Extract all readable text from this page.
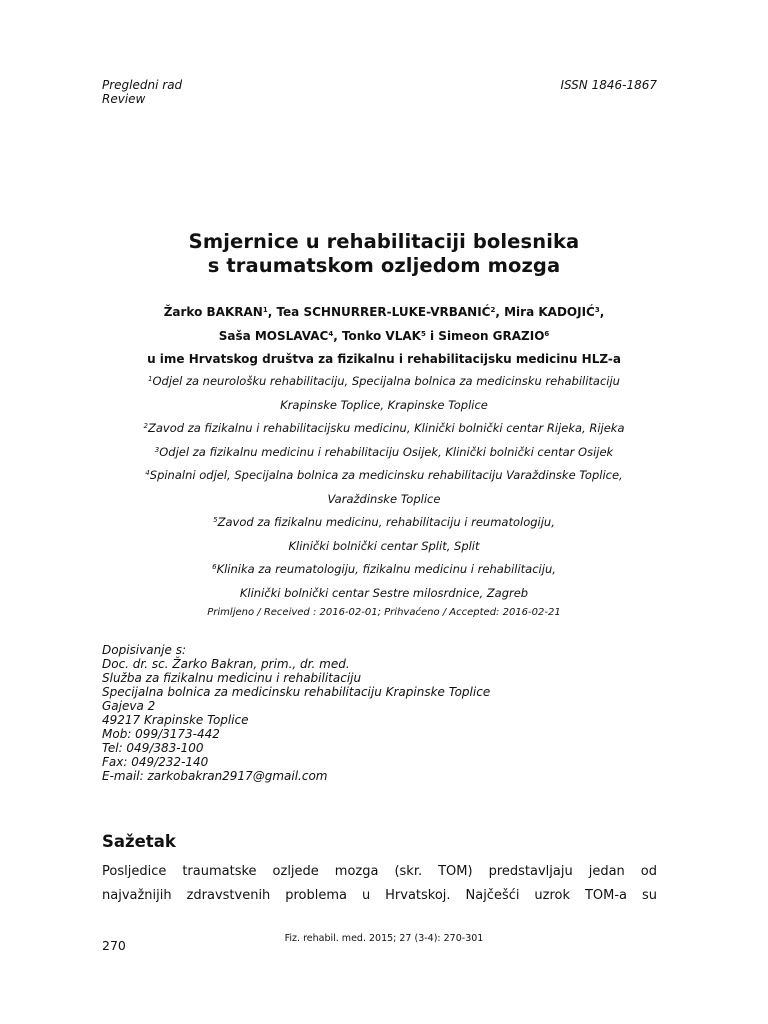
Pregledni rad
Review
ISSN 1846-1867
Smjernice u rehabilitaciji bolesnika
s traumatskom ozljedom mozga
Žarko BAKRAN$^1$, Tea SCHNURRER-LUKE-VRBANIĆ$^2$, Mira KADOJIĆ$^3$,
Saša MOSLAVAC$^4$, Tonko VLAK$^5$ i Simeon GRAZIO$^6$
u ime Hrvatskog društva za fizikalnu i rehabilitacijsku medicinu HLZ-a
$^1$Odjel za neurološku rehabilitaciju, Specijalna bolnica za medicinsku rehabilitaciju
Krapinske Toplice, Krapinske Toplice
$^2$Zavod za fizikalnu i rehabilitacijsku medicinu, Klinički bolnički centar Rijeka, Rijeka
$^3$Odjel za fizikalnu medicinu i rehabilitaciju Osijek, Klinički bolnički centar Osijek
$^4$Spinalni odjel, Specijalna bolnica za medicinsku rehabilitaciju Varaždinske Toplice,
Varaždinske Toplice
$^5$Zavod za fizikalnu medicinu, rehabilitaciju i reumatologiju,
Klinički bolnički centar Split, Split
$^6$Klinika za reumatologiju, fizikalnu medicinu i rehabilitaciju,
Klinički bolnički centar Sestre milosrdnice, Zagreb
Primljeno / Received : 2016-02-01; Prihvaćeno / Accepted: 2016-02-21
Dopisivanje s:
Doc. dr. sc. Žarko Bakran, prim., dr. med.
Služba za fizikalnu medicinu i rehabilitaciju
Specijalna bolnica za medicinsku rehabilitaciju Krapinske Toplice
Gajeva 2
49217 Krapinske Toplice
Mob: 099/3173-442
Tel: 049/383-100
Fax: 049/232-140
E-mail: zarkobakran2917@gmail.com
Sažetak
Posljedice traumatske ozljede mozga (skr. TOM) predstavljaju jedan od
najvažnijih zdravstvenih problema u Hrvatskoj. Najčešći uzrok TOM-a su
270	Fiz. rehabil. med. 2015; 27 (3-4): 270-301
